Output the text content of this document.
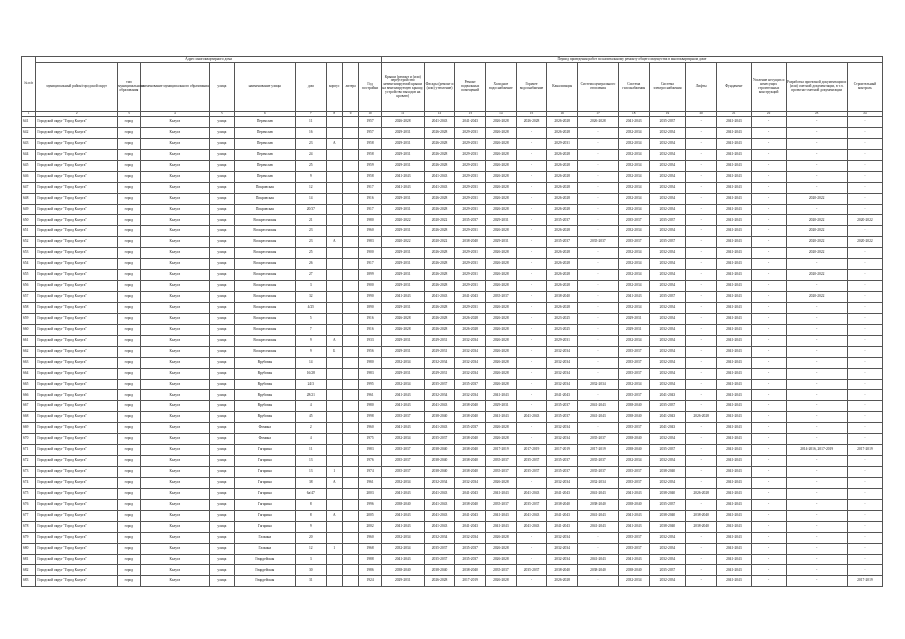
№ п/п	Адрес многоквартирного дома									Период проведения работ по капитальному ремонту общего имущества в многоквартирном доме													
	муниципальный район/городской округ	тип муниципального образования	наименование муниципального образования	улица	наименование улицы	дом	корпус	литера	Год постройки	Крыши (ремонт и (или) переустройство невентилируемой крыши на вентилируемую крышу, устройство выходов на кровлю)	Фасады (ремонт и (или) утепление)	Ремонт подвальных помещений	Холодное водоснабжение	Горячее водоснабжение	Канализация	Система центрального отопления	Система газоснабжения	Система электроснабжения	Лифты	Фундамент	Усиление несущих и ненесущих строительных конструкций	Разработка проектной документации и (или) сметной документации, в т.ч. проектно-сметной документации	Строительный контроль
1	2	3	4	5	6	7	8	9	10	11	12	13	14	15	16	17	18	19	20	21	22	23	24
641	Городской округ "Город Калуга"	город	Калуга	улица	Переяслав	11			1957	2026-2028	2041-2043	2041-2043	2026-2028	2026-2028	2026-2028	2026-2028	2041-2043	2035-2037	-	2041-2043	-	-	-
642	Городской округ "Город Калуга"	город	Калуга	улица	Переяслав	16			1957	2029-2031	2026-2028	2029-2031	2026-2028	-	2026-2028	-	2032-2034	2032-2034	-	2041-2043	-	-	-
643	Городской округ "Город Калуга"	город	Калуга	улица	Переяслав	23	А		1958	2029-2031	2026-2028	2029-2031	2026-2028	-	2029-2031	-	2032-2034	2032-2034	-	2041-2043	-	-	-
644	Городской округ "Город Калуга"	город	Калуга	улица	Переяслав	24			1958	2029-2031	2026-2028	2029-2031	2026-2028	-	2026-2028	-	2032-2034	2032-2034	-	2041-2043	-	-	-
645	Городской округ "Город Калуга"	город	Калуга	улица	Переяслав	25			1959	2029-2031	2026-2028	2029-2031	2026-2028	-	2026-2028	-	2032-2034	2032-2034	-	2041-2043	-	-	-
646	Городской округ "Город Калуга"	город	Калуга	улица	Переяслав	9			1958	2041-2043	2041-2043	2029-2031	2026-2028	-	2026-2028	-	2032-2034	2032-2034	-	2041-2043	-	-	-
647	Городской округ "Город Калуга"	город	Калуга	улица	Покровская	12			1917	2041-2043	2041-2043	2029-2031	2026-2028	-	2026-2028	-	2032-2034	2032-2034	-	2041-2043	-	-	-
648	Городской округ "Город Калуга"	город	Калуга	улица	Покровская	14			1916	2029-2031	2026-2028	2029-2031	2026-2028	-	2026-2028	-	2032-2034	2032-2034	-	2041-2043	-	2020-2022	-
649	Городской округ "Город Калуга"	город	Калуга	улица	Покровская	20/37			1917	2029-2031	2026-2028	2029-2031	2026-2028	-	2026-2028	-	2032-2034	2032-2034	-	2041-2043	-	-	-
650	Городской округ "Город Калуга"	город	Калуга	улица	Воскресенская	21			1980	2020-2022	2020-2022	2035-2037	2029-2031	-	2035-2037	-	2035-2037	2035-2037	-	2041-2043	-	2020-2022	2020-2022
651	Городской округ "Город Калуга"	город	Калуга	улица	Воскресенская	23			1960	2029-2031	2026-2028	2029-2031	2026-2028	-	2026-2028	-	2032-2034	2032-2034	-	2041-2043	-	2020-2022	-
652	Городской округ "Город Калуга"	город	Калуга	улица	Воскресенская	23	А		1983	2020-2022	2020-2022	2038-2040	2029-2031	-	2035-2037	2035-2037	2035-2037	2035-2037	-	2041-2043	-	2020-2022	2020-2022
653	Городской округ "Город Калуга"	город	Калуга	улица	Воскресенская	25			1900	2029-2031	2026-2028	2029-2031	2026-2028	-	2026-2028	-	2032-2034	2032-2034	-	2041-2043	-	2020-2022	-
654	Городской округ "Город Калуга"	город	Калуга	улица	Воскресенская	26			1917	2029-2031	2026-2028	2029-2031	2026-2028	-	2026-2028	-	2032-2034	2032-2034	-	2041-2043	-	-	-
655	Городской округ "Город Калуга"	город	Калуга	улица	Воскресенская	27			1899	2029-2031	2026-2028	2029-2031	2026-2028	-	2026-2028	-	2032-2034	2032-2034	-	2041-2043	-	2020-2022	-
656	Городской округ "Город Калуга"	город	Калуга	улица	Воскресенская	3			1900	2029-2031	2026-2028	2029-2031	2026-2028	-	2026-2028	-	2032-2034	2032-2034	-	2041-2043	-	-	-
657	Городской округ "Город Калуга"	город	Калуга	улица	Воскресенская	32			1990	2041-2043	2041-2043	2041-2043	2035-2037	-	2038-2040	-	2041-2043	2035-2037	-	2041-2043	-	2020-2022	-
658	Городской округ "Город Калуга"	город	Калуга	улица	Воскресенская	4/25			1890	2029-2031	2026-2028	2029-2031	2026-2028	-	2026-2028	-	2032-2034	2032-2034	-	2041-2043	-	-	-
659	Городской округ "Город Калуга"	город	Калуга	улица	Воскресенская	5			1916	2026-2028	2026-2028	2026-2028	2026-2028	-	2023-2025	-	2029-2031	2032-2034	-	2041-2043	-	-	-
660	Городской округ "Город Калуга"	город	Калуга	улица	Воскресенская	7			1916	2026-2028	2026-2028	2026-2028	2026-2028	-	2023-2025	-	2029-2031	2032-2034	-	2041-2043	-	-	-
661	Городской округ "Город Калуга"	город	Калуга	улица	Воскресенская	9	А		1933	2029-2031	2029-2031	2032-2034	2026-2028	-	2029-2031	-	2032-2034	2032-2034	-	2041-2043	-	-	-
662	Городской округ "Город Калуга"	город	Калуга	улица	Воскресенская	9	Б		1956	2029-2031	2029-2031	2032-2034	2026-2028	-	2032-2034	-	2035-2037	2032-2034	-	2041-2043	-	-	-
663	Городской округ "Город Калуга"	город	Калуга	улица	Врубовая	14			1980	2032-2034	2032-2034	2032-2034	2026-2028	-	2032-2034	-	2035-2037	2032-2034	-	2041-2043	-	-	-
664	Городской округ "Город Калуга"	город	Калуга	улица	Врубовая	16/28			1983	2029-2031	2029-2031	2032-2034	2026-2028	-	2032-2034	-	2035-2037	2032-2034	-	2041-2043	-	-	-
665	Городской округ "Город Калуга"	город	Калуга	улица	Врубовая	24/3			1995	2032-2034	2035-2037	2035-2037	2026-2028	-	2032-2034	2032-2034	2032-2034	2032-2034	-	2041-2043	-	-	-
666	Городской округ "Город Калуга"	город	Калуга	улица	Врубовая	28/21			1961	2041-2043	2032-2034	2032-2034	2041-2043	-	2041-2043	-	2035-2037	2041-2043	-	2041-2043	-	-	-
667	Городской округ "Город Калуга"	город	Калуга	улица	Врубовая	4			1980	2041-2043	2041-2043	2038-2040	2029-2031	-	2035-2037	2041-2043	2038-2040	2035-2037	-	2041-2043	-	-	-
668	Городской округ "Город Калуга"	город	Калуга	улица	Врубовая	45			1998	2035-2037	2038-2040	2038-2040	2041-2043	2041-2043	2035-2037	2041-2043	2038-2040	2041-2043	2026-2028	2041-2043	-	-	-
669	Городской округ "Город Калуга"	город	Калуга	улица	Фомина	2			1960	2041-2043	2041-2043	2035-2037	2026-2028	-	2032-2034	-	2035-2037	2041-2043	-	2041-2043	-	-	-
670	Городской округ "Город Калуга"	город	Калуга	улица	Фомина	4			1975	2032-2034	2035-2037	2038-2040	2026-2028	-	2032-2034	2035-2037	2038-2040	2032-2034	-	2041-2043	-	-	-
671	Городской округ "Город Калуга"	город	Калуга	улица	Гагарина	11			1983	2035-2037	2038-2040	2038-2040	2017-2019	2017-2019	2017-2019	2017-2019	2038-2040	2035-2037	-	2041-2043	-	2014-2016, 2017-2019	2017-2019
672	Городской округ "Город Калуга"	город	Калуга	улица	Гагарина	13			1976	2035-2037	2038-2040	2038-2040	2035-2037	2035-2037	2035-2037	2035-2037	2032-2034	2032-2034	-	2041-2043	-	-	-
673	Городской округ "Город Калуга"	город	Калуга	улица	Гагарина	13	1		1974	2035-2037	2038-2040	2038-2040	2035-2037	2035-2037	2035-2037	2035-2037	2035-2037	2038-2040	-	2041-2043	-	-	-
674	Городской округ "Город Калуга"	город	Калуга	улица	Гагарина	38	А		1961	2032-2034	2032-2034	2032-2034	2026-2028	-	2032-2034	2032-2034	2035-2037	2032-2034	-	2041-2043	-	-	-
675	Городской округ "Город Калуга"	город	Калуга	улица	Гагарина	6а/47			2003	2041-2043	2041-2043	2041-2043	2041-2043	2041-2043	2041-2043	2041-2043	2041-2043	2038-2040	2026-2028	2041-2043	-	-	-
676	Городской округ "Город Калуга"	город	Калуга	улица	Гагарина	8			1996	2038-2040	2041-2043	2038-2040	2035-2037	2035-2037	2038-2040	2038-2040	2038-2040	2035-2037	-	2041-2043	-	-	-
677	Городской округ "Город Калуга"	город	Калуга	улица	Гагарина	8	А		2005	2041-2043	2041-2043	2041-2043	2041-2043	2041-2043	2041-2043	2041-2043	2041-2043	2038-2040	2038-2040	2041-2043	-	-	-
678	Городской округ "Город Калуга"	город	Калуга	улица	Гагарина	9			2002	2041-2043	2041-2043	2041-2043	2041-2043	2041-2043	2041-2043	2041-2043	2041-2043	2038-2040	2038-2040	2041-2043	-	-	-
679	Городской округ "Город Калуга"	город	Калуга	улица	Галкина	20			1960	2032-2034	2032-2034	2032-2034	2026-2028	-	2032-2034	-	2035-2037	2032-2034	-	2041-2043	-	-	-
680	Городской округ "Город Калуга"	город	Калуга	улица	Галкина	12	1		1968	2032-2034	2035-2037	2035-2037	2026-2028	-	2032-2034	-	2035-2037	2032-2034	-	2041-2043	-	-	-
681	Городской округ "Город Калуга"	город	Калуга	улица	Гвардейская	3			1988	2041-2043	2035-2037	2035-2037	2026-2028	-	2032-2034	2041-2043	2041-2043	2032-2034	-	2041-2043	-	-	-
682	Городской округ "Город Калуга"	город	Калуга	улица	Гвардейская	30			1986	2038-2040	2038-2040	2038-2040	2035-2037	2035-2037	2038-2040	2038-2040	2038-2040	2035-2037	-	2041-2043	-	-	-
683	Городской округ "Город Калуга"	город	Калуга	улица	Гвардейская	31			1924	2029-2031	2026-2028	2017-2019	2026-2028	-	2026-2028	-	2032-2034	2032-2034	-	2041-2043	-	-	2017-2019
